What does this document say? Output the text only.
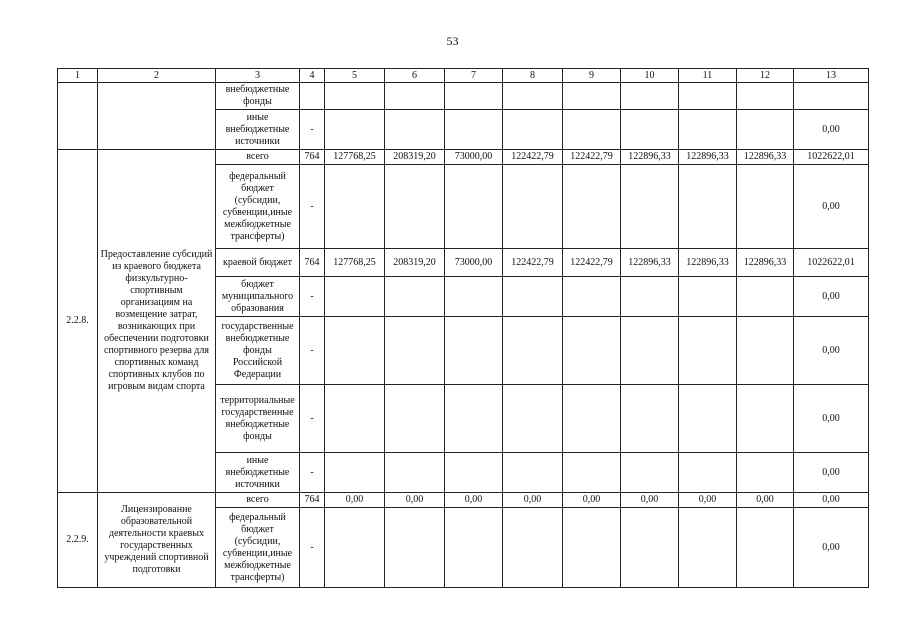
53
1	2	3	4	5	6	7	8	9	10	11	12	13
		внебюджетные фонды										
		иные внебюджетные источники	-									0,00
2.2.8.	Предоставление субсидий из краевого бюджета физкультурно-спортивным организациям на возмещение затрат, возникающих при обеспечении подготовки спортивного резерва для спортивных команд спортивных клубов по игровым видам спорта	всего	764	127768,25	208319,20	73000,00	122422,79	122422,79	122896,33	122896,33	122896,33	1022622,01
		федеральный бюджет (субсидии, субвенции,иные межбюджетные трансферты)	-									0,00
		краевой бюджет	764	127768,25	208319,20	73000,00	122422,79	122422,79	122896,33	122896,33	122896,33	1022622,01
		бюджет муниципального образования	-									0,00
		государственные внебюджетные фонды Российской Федерации	-									0,00
		территориальные государственные внебюджетные фонды	-									0,00
		иные внебюджетные источники	-									0,00
2.2.9.	Лицензирование образовательной деятельности краевых государственных учреждений спортивной подготовки	всего	764	0,00	0,00	0,00	0,00	0,00	0,00	0,00	0,00	0,00
		федеральный бюджет (субсидии, субвенции,иные межбюджетные трансферты)	-									0,00
